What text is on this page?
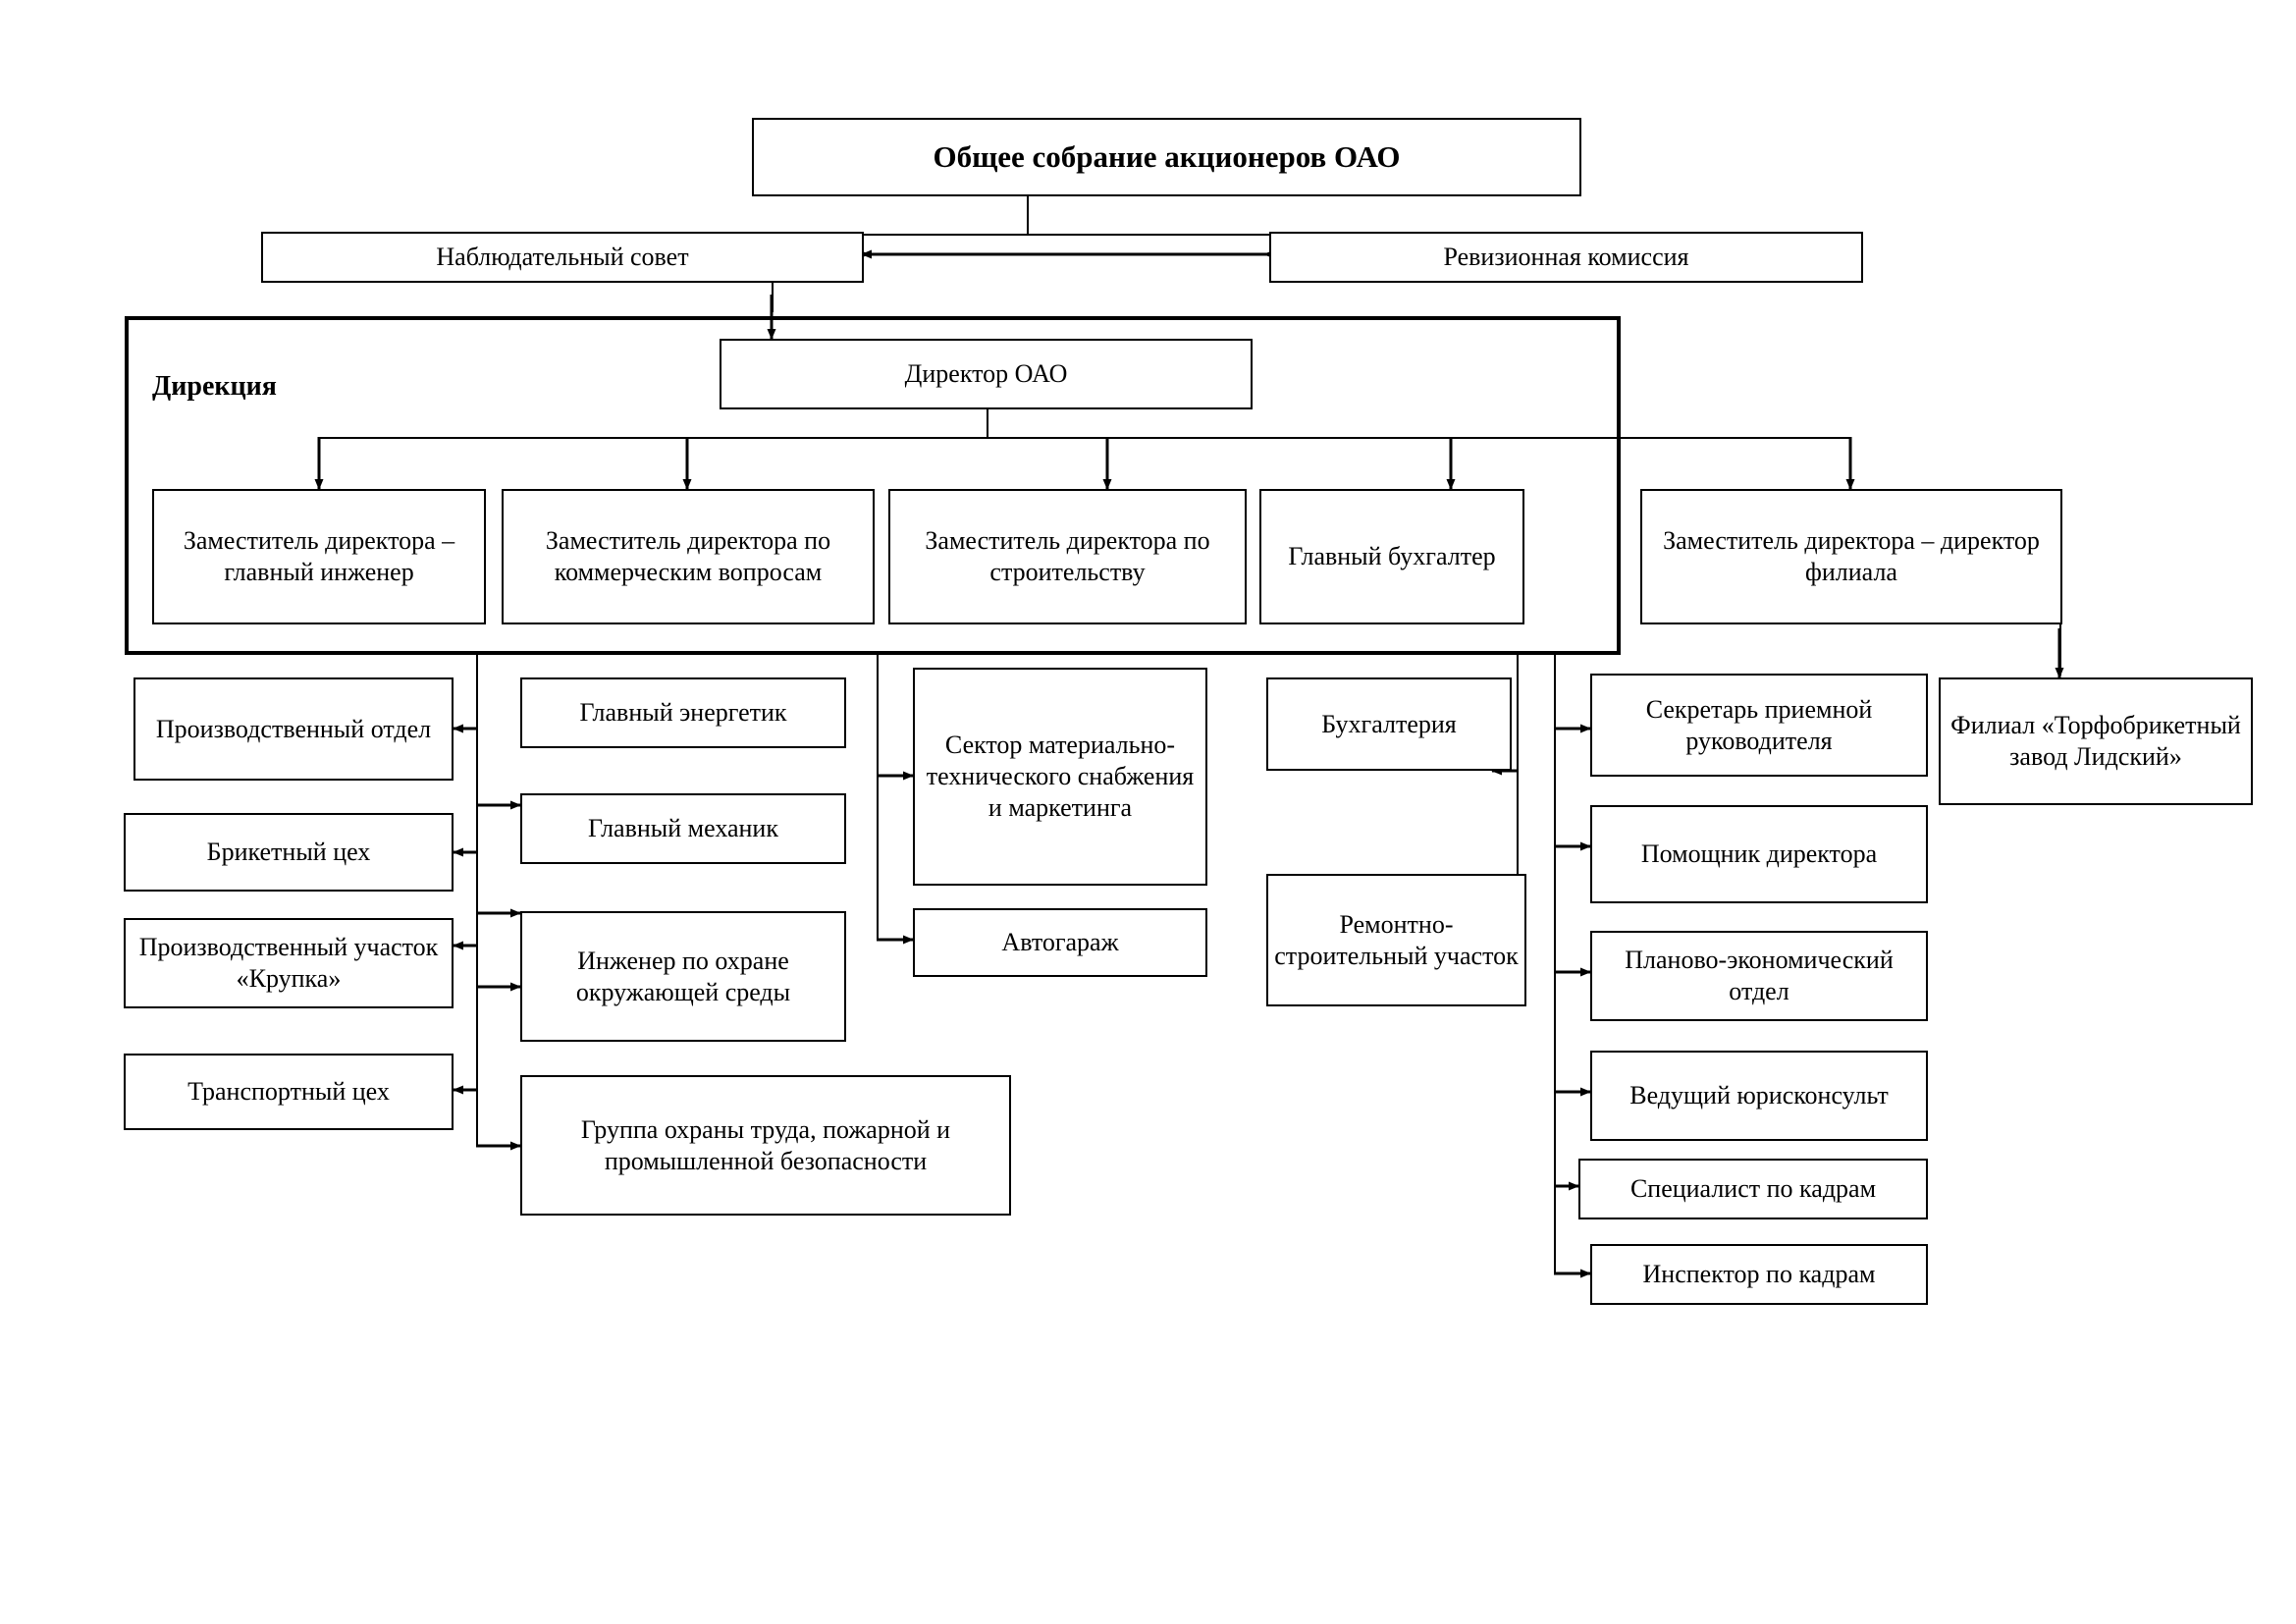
Дирекция
Общее собрание акционеров ОАО
Наблюдательный совет	Ревизионная комиссия
Директор ОАО
Заместитель директора – главный инженер
Заместитель директора по коммерческим вопросам
Заместитель директора по строительству
Главный бухгалтер
Заместитель директора – директор филиала
Производственный отдел
Брикетный цех
Производственный участок «Крупка»
Транспортный цех
Главный энергетик
Главный механик
Инженер по охране окружающей среды
Группа охраны труда, пожарной и промышленной безопасности
Сектор материально-технического снабжения и маркетинга
Автогараж
Бухгалтерия
Ремонтно-строительный участок
Секретарь приемной руководителя
Помощник директора
Планово-экономический отдел
Ведущий юрисконсульт
Специалист по кадрам
Инспектор по кадрам
Филиал «Торфобрикетный завод Лидский»
